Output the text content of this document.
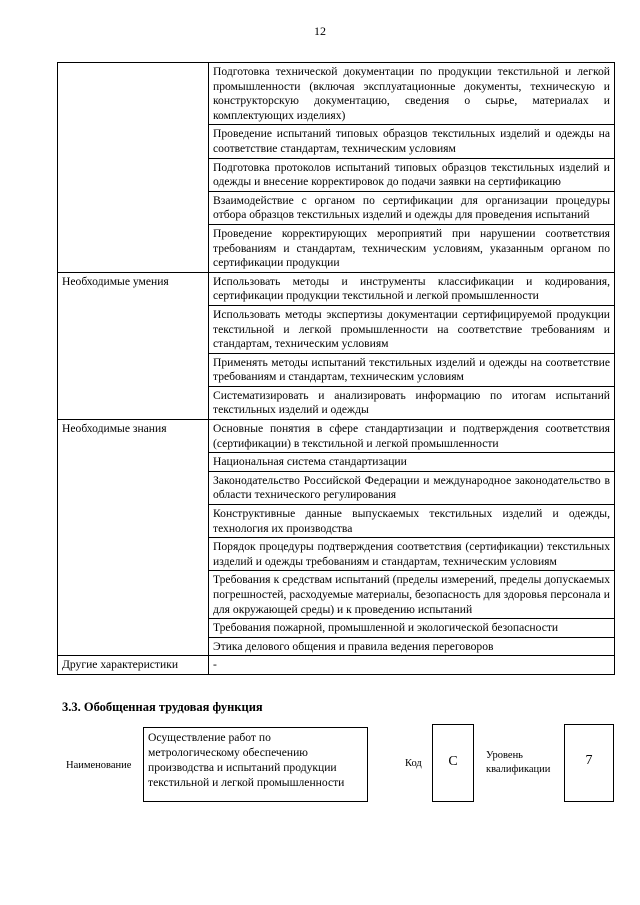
12
	Подготовка технической документации по продукции текстильной и легкой промышленности (включая эксплуатационные документы, техническую и конструкторскую документацию, сведения о сырье, материалах и комплектующих изделиях)
	Проведение испытаний типовых образцов текстильных изделий и одежды на соответствие стандартам, техническим условиям
	Подготовка протоколов испытаний типовых образцов текстильных изделий и одежды и внесение корректировок до подачи заявки на сертификацию
	Взаимодействие с органом по сертификации для организации процедуры отбора образцов текстильных изделий и одежды для проведения испытаний
	Проведение корректирующих мероприятий при нарушении соответствия требованиям и стандартам, техническим условиям, указанным органом по сертификации продукции
Необходимые умения	Использовать методы и инструменты классификации и кодирования, сертификации продукции текстильной и легкой промышленности
	Использовать методы экспертизы документации сертифицируемой продукции текстильной и легкой промышленности на соответствие требованиям и стандартам, техническим условиям
	Применять методы испытаний текстильных изделий и одежды на соответствие требованиям и стандартам, техническим условиям
	Систематизировать и анализировать информацию по итогам испытаний текстильных изделий и одежды
Необходимые знания	Основные понятия в сфере стандартизации и подтверждения соответствия (сертификации) в текстильной и легкой промышленности
	Национальная система стандартизации
	Законодательство Российской Федерации и международное законодательство в области технического регулирования
	Конструктивные данные выпускаемых текстильных изделий и одежды, технология их производства
	Порядок процедуры подтверждения соответствия (сертификации) текстильных изделий и одежды требованиям и стандартам, техническим условиям
	Требования к средствам испытаний (пределы измерений, пределы допускаемых погрешностей, расходуемые материалы, безопасность для здоровья персонала и для окружающей среды) и к проведению испытаний
	Требования пожарной, промышленной и экологической безопасности
	Этика делового общения и правила ведения переговоров
Другие характеристики	-
3.3. Обобщенная трудовая функция
Наименование
Осуществление работ по метрологическому обеспечению производства и испытаний продукции текстильной и легкой промышленности
Код	C	Уровень квалификации
7
